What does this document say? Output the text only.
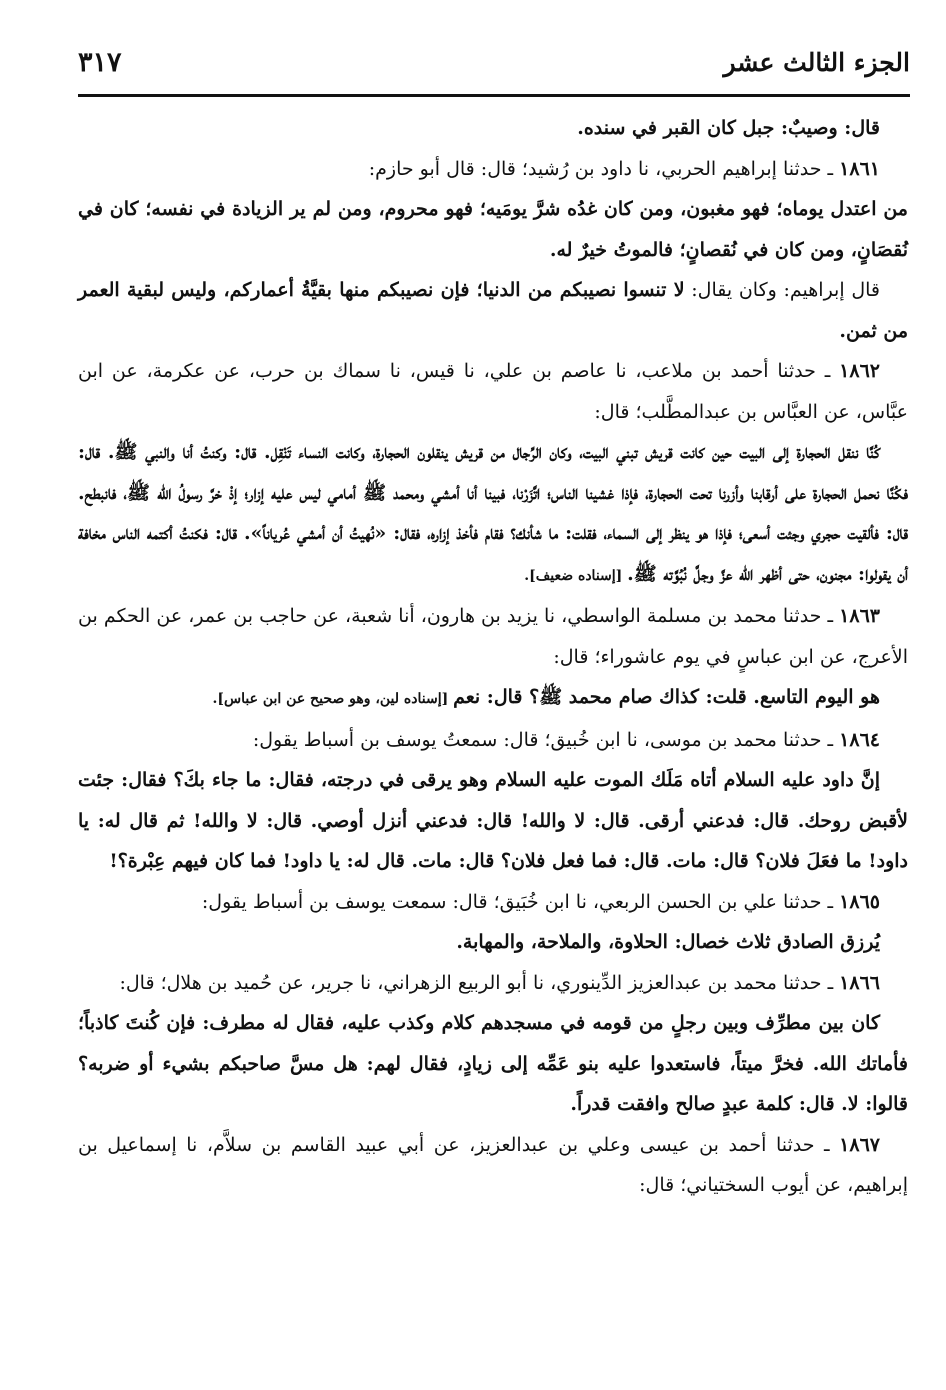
الجزء الثالث عشر
٣١٧

قال: وصيبٌ: جبل كان القبر في سنده.

١٨٦١ ـ حدثنا إبراهيم الحربي، نا داود بن رُشيد؛ قال: قال أبو حازم:

من اعتدل يوماه؛ فهو مغبون، ومن كان غدُه شرَّ يومَيه؛ فهو محروم، ومن لم ير الزيادة في نفسه؛ كان في نُقصَانٍ، ومن كان في نُقصانٍ؛ فالموتُ خيرٌ له.

قال إبراهيم: وكان يقال: لا تنسوا نصيبكم من الدنيا؛ فإن نصيبكم منها بقيَّةُ أعماركم، وليس لبقية العمر من ثمن.

١٨٦٢ ـ حدثنا أحمد بن ملاعب، نا عاصم بن علي، نا قيس، نا سماك بن حرب، عن عكرمة، عن ابن عبَّاس، عن العبَّاس بن عبدالمطَّلب؛ قال:

كُنَّا ننقل الحجارة إلى البيت حين كانت قريش تبني البيت، وكان الرِّجال من قريش ينقلون الحجارة، وكانت النساء تَنْقِل. قال: وكنتُ أنا والنبي ﷺ. قال: فكُنَّا نحمل الحجارة على أرقابنا وأزرنا تحت الحجارة، فإذا غشينا الناس؛ اتَّزَرْنا، فبينا أنا أمشي ومحمد ﷺ أمامي ليس عليه إزار؛ إذْ خرَّ رسولُ الله ﷺ، فانبطح. قال: فألقيت حجري وجئت أسعى؛ فإذا هو ينظر إلى السماء، فقلت: ما شأنك؟ فقام فأخذ إزاره، فقال: «نُهيتُ أن أمشي عُرياناً». قال: فكنتُ أكتمه الناس مخافة أن يقولوا: مجنون، حتى أظهر الله عزَّ وجلَّ نُبُوَّته ﷺ. [إسناده ضعيف].

١٨٦٣ ـ حدثنا محمد بن مسلمة الواسطي، نا يزيد بن هارون، أنا شعبة، عن حاجب بن عمر، عن الحكم بن الأعرج، عن ابن عباسٍ في يوم عاشوراء؛ قال:

هو اليوم التاسع. قلت: كذاك صام محمد ﷺ؟ قال: نعم [إسناده لين، وهو صحيح عن ابن عباس].

١٨٦٤ ـ حدثنا محمد بن موسى، نا ابن خُبيق؛ قال: سمعتُ يوسف بن أسباط يقول:

إنَّ داود عليه السلام أتاه مَلَك الموت عليه السلام وهو يرقى في درجته، فقال: ما جاء بكَ؟ فقال: جئت لأقبض روحك. قال: فدعني أرقى. قال: لا والله! قال: فدعني أنزل أوصي. قال: لا والله! ثم قال له: يا داود! ما فعَلَ فلان؟ قال: مات. قال: فما فعل فلان؟ قال: مات. قال له: يا داود! فما كان فيهم عِبْرة؟!

١٨٦٥ ـ حدثنا علي بن الحسن الربعي، نا ابن خُبَيق؛ قال: سمعت يوسف بن أسباط يقول:

يُرزق الصادق ثلاث خصال: الحلاوة، والملاحة، والمهابة.

١٨٦٦ ـ حدثنا محمد بن عبدالعزيز الدِّينوري، نا أبو الربيع الزهراني، نا جرير، عن حُميد بن هلال؛ قال:

كان بين مطرِّف وبين رجلٍ من قومه في مسجدهم كلام وكذب عليه، فقال له مطرف: فإن كُنتَ كاذباً؛ فأماتك الله. فخرَّ ميتاً، فاستعدوا عليه بنو عَمِّه إلى زيادٍ، فقال لهم: هل مسَّ صاحبكم بشيء أو ضربه؟ قالوا: لا. قال: كلمة عبدٍ صالح وافقت قدراً.

١٨٦٧ ـ حدثنا أحمد بن عيسى وعلي بن عبدالعزيز، عن أبي عبيد القاسم بن سلاَّم، نا إسماعيل بن إبراهيم، عن أيوب السختياني؛ قال:
